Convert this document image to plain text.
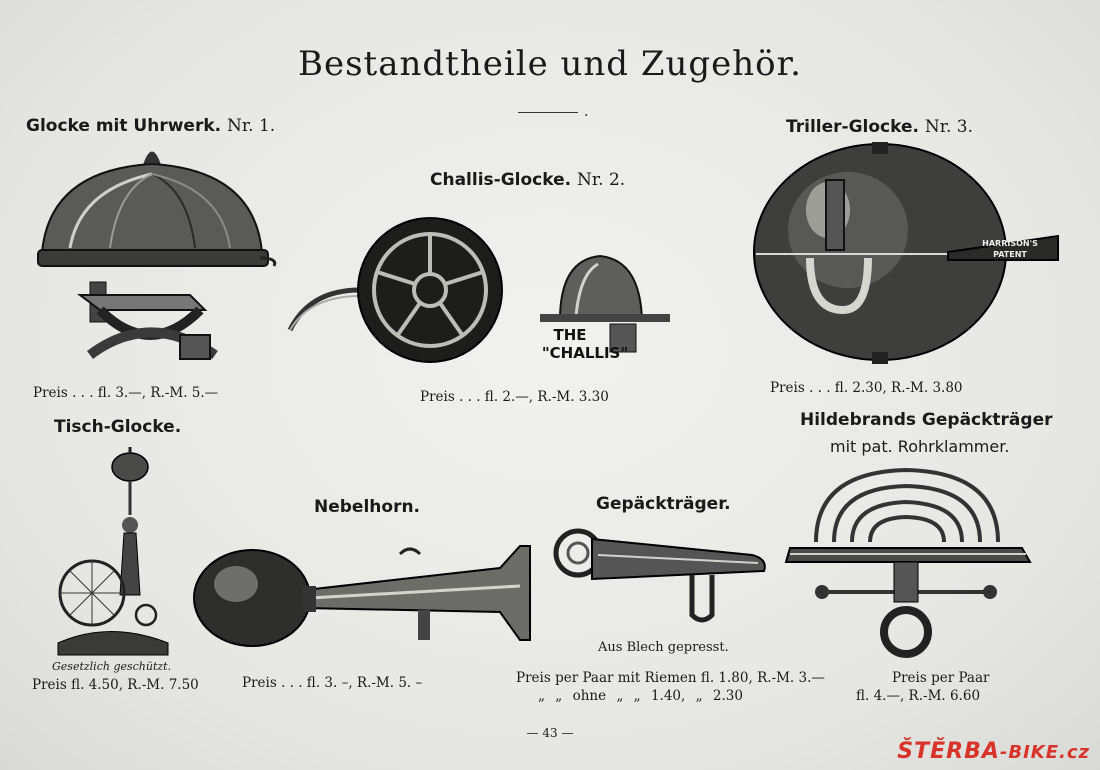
Bestandtheile und Zugehör.
.
Glocke mit Uhrwerk. Nr. 1.
Preis . . . fl. 3.—, R.-M. 5.—
Challis-Glocke. Nr. 2.
THE
"CHALLIS"
Preis . . . fl. 2.—, R.-M. 3.30
Triller-Glocke. Nr. 3.
HARRISON'S
PATENT
Preis . . . fl. 2.30, R.-M. 3.80
Hildebrands Gepäckträger
mit pat. Rohrklammer.
Tisch-Glocke.
Gesetzlich geschützt.
Preis fl. 4.50, R.-M. 7.50
Nebelhorn.
Preis . . . fl. 3. –, R.-M. 5. –
Gepäckträger.
Aus Blech gepresst.
Preis per Paar mit Riemen fl. 1.80, R.-M. 3.—
„ „ ohne „ „ 1.40, „ 2.30
Preis per Paar
fl. 4.—, R.-M. 6.60
— 43 —
ŠTĚRBA-BIKE.cz
